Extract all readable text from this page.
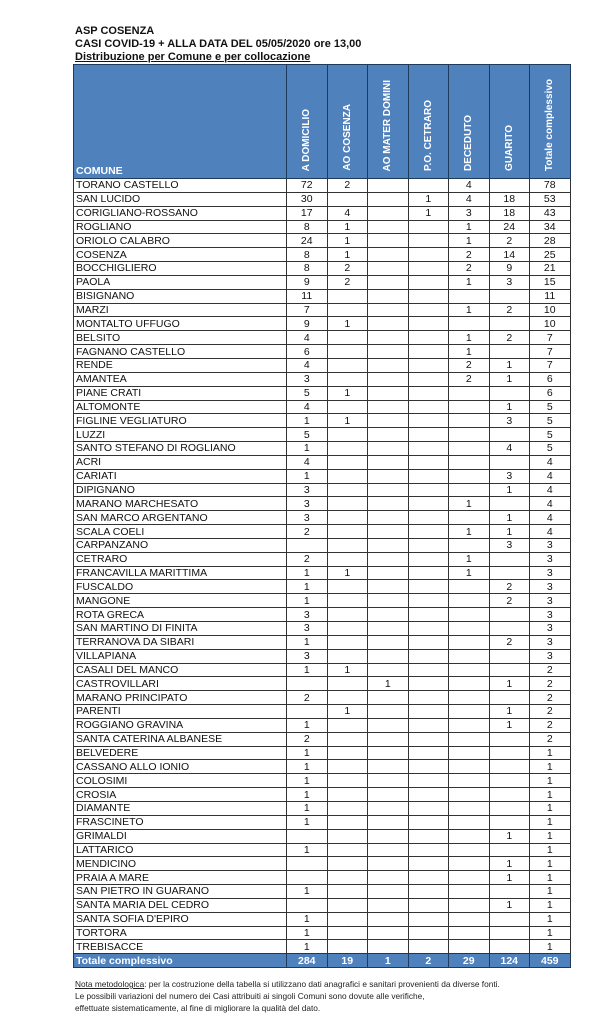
ASP COSENZA
CASI COVID-19 + ALLA DATA DEL 05/05/2020 ore 13,00
Distribuzione per Comune e per collocazione
COMUNE	A DOMICILIO	AO COSENZA	AO MATER DOMINI	P.O. CETRARO	DECEDUTO	GUARITO	Totale complessivo
TORANO CASTELLO	72	2			4		78
SAN LUCIDO	30			1	4	18	53
CORIGLIANO-ROSSANO	17	4		1	3	18	43
ROGLIANO	8	1			1	24	34
ORIOLO CALABRO	24	1			1	2	28
COSENZA	8	1			2	14	25
BOCCHIGLIERO	8	2			2	9	21
PAOLA	9	2			1	3	15
BISIGNANO	11						11
MARZI	7				1	2	10
MONTALTO UFFUGO	9	1					10
BELSITO	4				1	2	7
FAGNANO CASTELLO	6				1		7
RENDE	4				2	1	7
AMANTEA	3				2	1	6
PIANE CRATI	5	1					6
ALTOMONTE	4					1	5
FIGLINE VEGLIATURO	1	1				3	5
LUZZI	5						5
SANTO STEFANO DI ROGLIANO	1					4	5
ACRI	4						4
CARIATI	1					3	4
DIPIGNANO	3					1	4
MARANO MARCHESATO	3				1		4
SAN MARCO ARGENTANO	3					1	4
SCALA COELI	2				1	1	4
CARPANZANO						3	3
CETRARO	2				1		3
FRANCAVILLA MARITTIMA	1	1			1		3
FUSCALDO	1					2	3
MANGONE	1					2	3
ROTA GRECA	3						3
SAN MARTINO DI FINITA	3						3
TERRANOVA DA SIBARI	1					2	3
VILLAPIANA	3						3
CASALI DEL MANCO	1	1					2
CASTROVILLARI			1			1	2
MARANO PRINCIPATO	2						2
PARENTI		1				1	2
ROGGIANO GRAVINA	1					1	2
SANTA CATERINA ALBANESE	2						2
BELVEDERE	1						1
CASSANO ALLO IONIO	1						1
COLOSIMI	1						1
CROSIA	1						1
DIAMANTE	1						1
FRASCINETO	1						1
GRIMALDI						1	1
LATTARICO	1						1
MENDICINO						1	1
PRAIA A MARE						1	1
SAN PIETRO IN GUARANO	1						1
SANTA MARIA DEL CEDRO						1	1
SANTA SOFIA D'EPIRO	1						1
TORTORA	1						1
TREBISACCE	1						1
Totale complessivo	284	19	1	2	29	124	459
Nota metodologica: per la costruzione della tabella si utilizzano dati anagrafici e sanitari provenienti da diverse fonti.
Le possibili variazioni del numero dei Casi attribuiti ai singoli Comuni sono dovute alle verifiche,
effettuate sistematicamente, al fine di migliorare la qualità del dato.
